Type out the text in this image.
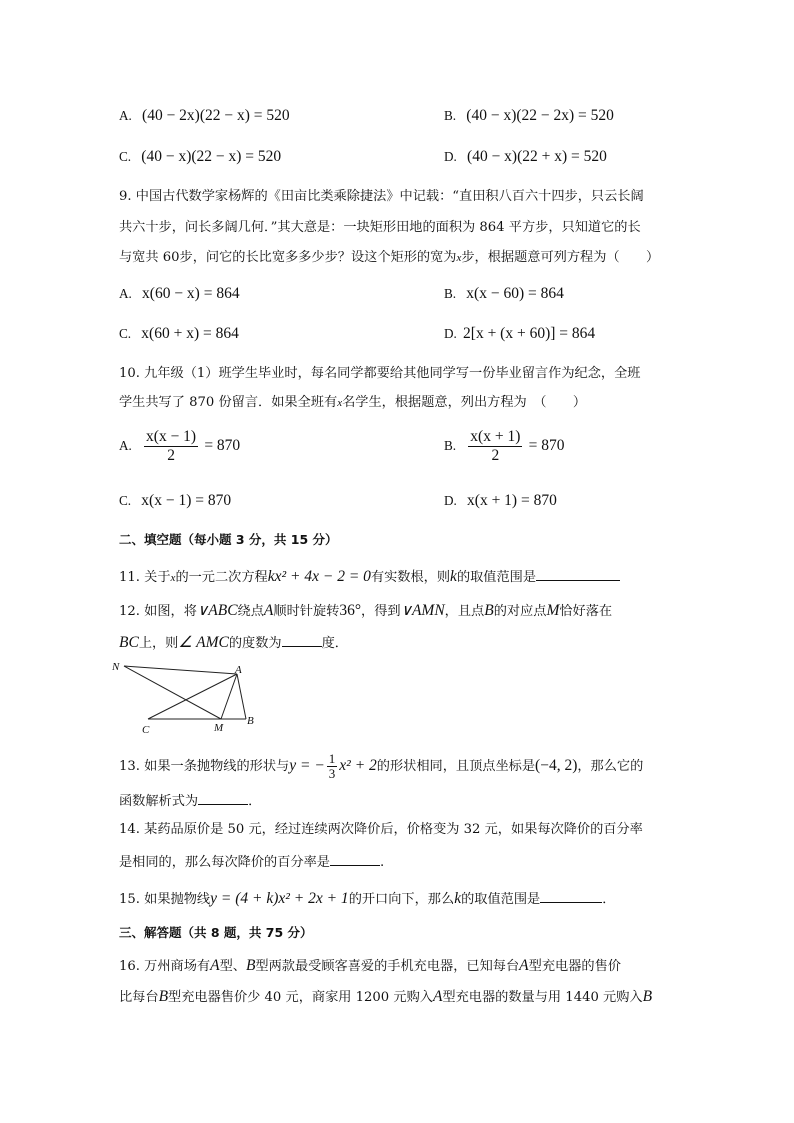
A. (40 − 2x)(22 − x) = 520	B. (40 − x)(22 − 2x) = 520
C. (40 − x)(22 − x) = 520	D. (40 − x)(22 + x) = 520
9. 中国古代数学家杨辉的《田亩比类乘除捷法》中记载：“直田积八百六十四步，只云长阔
共六十步，问长多阔几何．”其大意是：一块矩形田地的面积为 864 平方步，只知道它的长
与宽共 60步，问它的长比宽多多少步？设这个矩形的宽为x步，根据题意可列方程为（　　）
A. x(60 − x) = 864	B. x(x − 60) = 864
C. x(60 + x) = 864	D. 2[x + (x + 60)] = 864
10. 九年级（1）班学生毕业时，每名同学都要给其他同学写一份毕业留言作为纪念，全班
学生共写了 870 份留言．如果全班有x名学生，根据题意，列出方程为　（　　）
A. $\frac{x(x - 1)}{2} = 870$	B. $\frac{x(x + 1)}{2} = 870$
C. x(x − 1) = 870	D. x(x + 1) = 870
二、填空题（每小题 3 分，共 15 分）
11. 关于x的一元二次方程kx² + 4x − 2 = 0有实数根，则k的取值范围是
12. 如图，将∨ABC绕点A顺时针旋转36°，得到∨AMN，且点B的对应点M恰好落在
BC上，则∠ AMC的度数为	度．
N	A
B
C	M
13. 如果一条抛物线的形状与y = − $\frac{1}{3} x^2 + 2$的形状相同，且顶点坐标是(−4, 2)，那么它的
函数解析式为	．
14. 某药品原价是 50 元，经过连续两次降价后，价格变为 32 元，如果每次降价的百分率
是相同的，那么每次降价的百分率是	.
15. 如果抛物线y = (4 + k)x² + 2x + 1的开口向下，那么k的取值范围是	．
三、解答题（共 8 题，共 75 分）
16. 万州商场有A型、B型两款最受顾客喜爱的手机充电器，已知每台A型充电器的售价
比每台B型充电器售价少 40 元，商家用 1200 元购入A型充电器的数量与用 1440 元购入B
